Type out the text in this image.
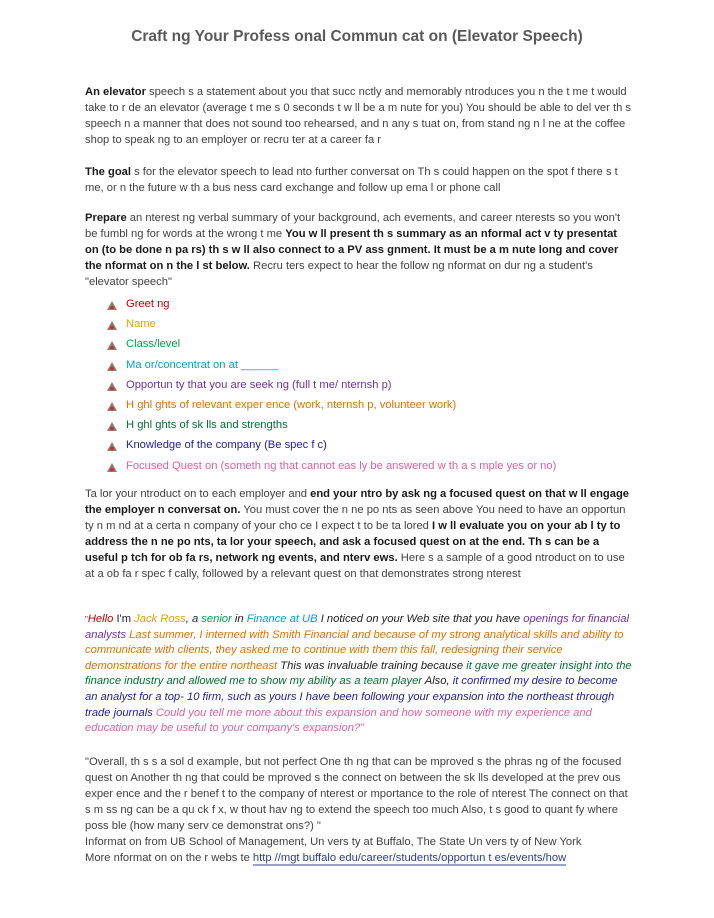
Craft ng Your Profess onal Commun cat on (Elevator Speech)

An elevator speech s a statement about you that succ nctly and memorably ntroduces you n the t me t would take to r de an elevator (average t me s 0 seconds t w ll be a m nute for you) You should be able to del ver th s speech n a manner that does not sound too rehearsed, and n any s tuat on, from stand ng n l ne at the coffee shop to speak ng to an employer or recru ter at a career fa r

The goal s for the elevator speech to lead nto further conversat on Th s could happen on the spot f there s t me, or n the future w th a bus ness card exchange and follow up ema l or phone call

Prepare an nterest ng verbal summary of your background, ach evements, and career nterests so you won't be fumbl ng for words at the wrong t me You w ll present th s summary as an nformal act v ty presentat on (to be done n pa rs) th s w ll also connect to a PV ass gnment. It must be a m nute long and cover the nformat on n the l st below. Recru ters expect to hear the follow ng nformat on dur ng a student's "elevator speech"

Greet ng
Name
Class/level
Ma or/concentrat on at ______
Opportun ty that you are seek ng (full t me/ nternsh p)
H ghl ghts of relevant exper ence (work, nternsh p, volunteer work)
H ghl ghts of sk lls and strengths
Knowledge of the company (Be spec f c)
Focused Quest on (someth ng that cannot eas ly be answered w th a s mple yes or no)

Ta lor your ntroduct on to each employer and end your ntro by ask ng a focused quest on that w ll engage the employer n conversat on. You must cover the n ne po nts as seen above You need to have an opportun ty n m nd at a certa n company of your cho ce I expect t to be ta lored I w ll evaluate you on your ab l ty to address the n ne po nts, ta lor your speech, and ask a focused quest on at the end. Th s can be a useful p tch for ob fa rs, network ng events, and nterv ews. Here s a sample of a good ntroduct on to use at a ob fa r spec f cally, followed by a relevant quest on that demonstrates strong nterest

"Hello I'm Jack Ross, a senior in Finance at UB I noticed on your Web site that you have openings for financial analysts Last summer, I interned with Smith Financial and because of my strong analytical skills and ability to communicate with clients, they asked me to continue with them this fall, redesigning their service demonstrations for the entire northeast This was invaluable training because it gave me greater insight into the finance industry and allowed me to show my ability as a team player Also, it confirmed my desire to become an analyst for a top- 10 firm, such as yours I have been following your expansion into the northeast through trade journals Could you tell me more about this expansion and how someone with my experience and education may be useful to your company's expansion?"

"Overall, th s s a sol d example, but not perfect One th ng that can be mproved s the phras ng of the focused quest on Another th ng that could be mproved s the connect on between the sk lls developed at the prev ous exper ence and the r benef t to the company of nterest or mportance to the role of nterest The connect on that s m ss ng can be a qu ck f x, w thout hav ng to extend the speech too much Also, t s good to quant fy where poss ble (how many serv ce demonstrat ons?) "

Informat on from UB School of Management, Un vers ty at Buffalo, The State Un vers ty of New York

More nformat on on the r webs te http //mgt buffalo edu/career/students/opportun t es/events/how
